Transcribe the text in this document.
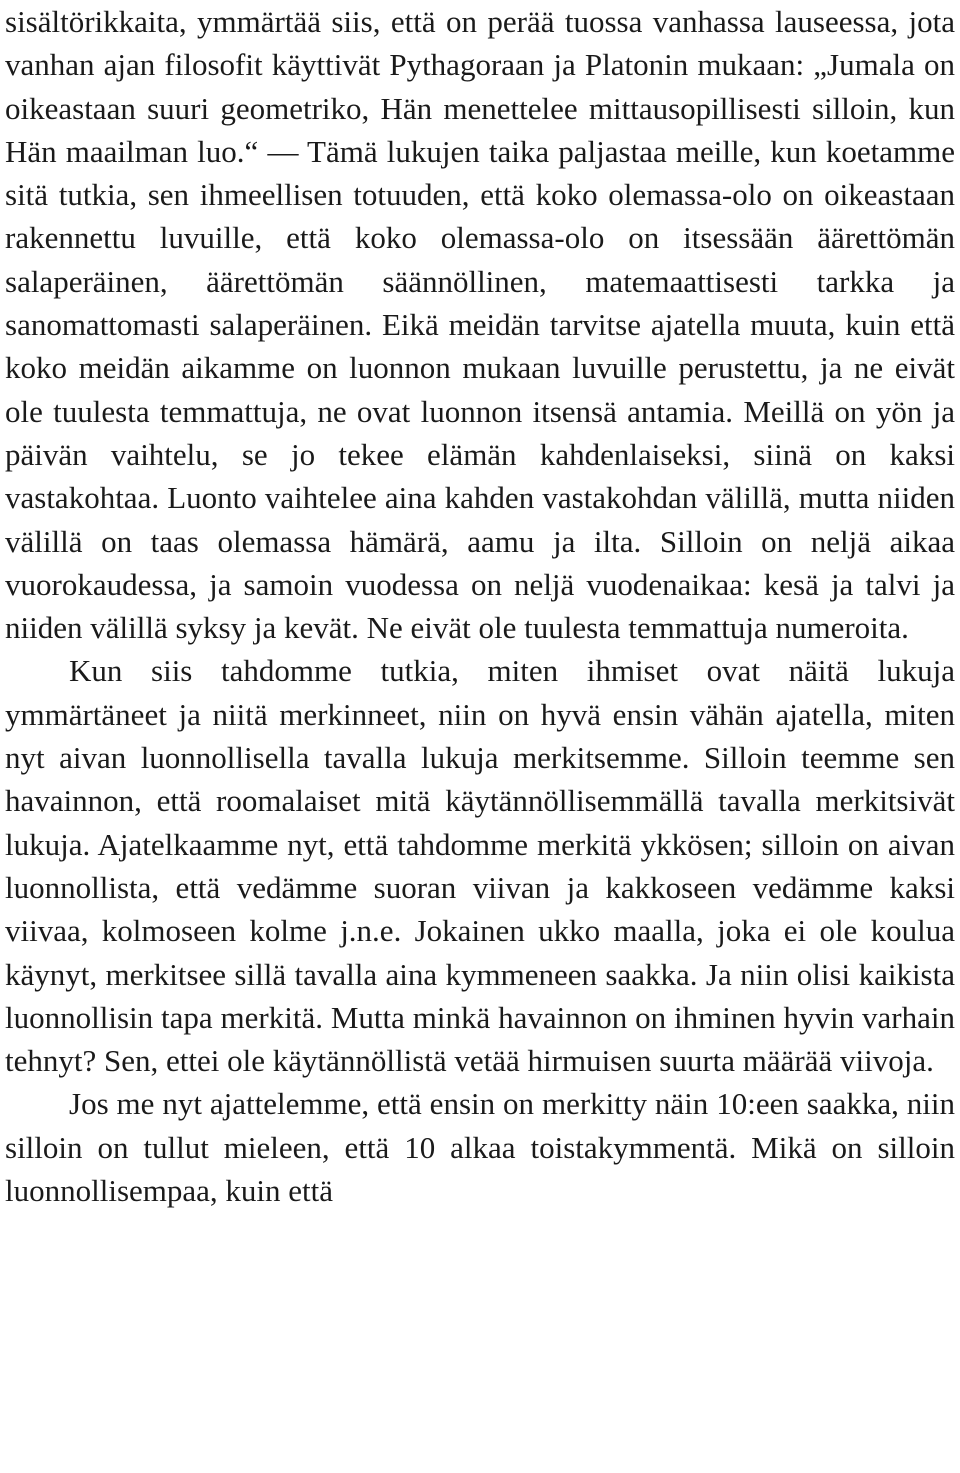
sisältörikkaita, ymmärtää siis, että on perää tuossa vanhassa lauseessa, jota vanhan ajan filosofit käyttivät Pythagoraan ja Platonin mukaan: „Jumala on oikeastaan suuri geometriko, Hän menettelee mittausopillisesti silloin, kun Hän maailman luo.“ — Tämä lukujen taika paljastaa meille, kun koetamme sitä tutkia, sen ihmeellisen totuuden, että koko olemassa-olo on oikeastaan rakennettu luvuille, että koko olemassa-olo on itsessään äärettömän salaperäinen, äärettömän säännöllinen, matemaattisesti tarkka ja sanomattomasti salaperäinen. Eikä meidän tarvitse ajatella muuta, kuin että koko meidän aikamme on luonnon mukaan luvuille perustettu, ja ne eivät ole tuulesta temmattuja, ne ovat luonnon itsensä antamia. Meillä on yön ja päivän vaihtelu, se jo tekee elämän kahdenlaiseksi, siinä on kaksi vastakohtaa. Luonto vaihtelee aina kahden vastakohdan välillä, mutta niiden välillä on taas olemassa hämärä, aamu ja ilta. Silloin on neljä aikaa vuorokaudessa, ja samoin vuodessa on neljä vuodenaikaa: kesä ja talvi ja niiden välillä syksy ja kevät. Ne eivät ole tuulesta temmattuja numeroita.

Kun siis tahdomme tutkia, miten ihmiset ovat näitä lukuja ymmärtäneet ja niitä merkinneet, niin on hyvä ensin vähän ajatella, miten nyt aivan luonnollisella tavalla lukuja merkitsemme. Silloin teemme sen havainnon, että roomalaiset mitä käytännöllisemmällä tavalla merkitsivät lukuja. Ajatelkaamme nyt, että tahdomme merkitä ykkösen; silloin on aivan luonnollista, että vedämme suoran viivan ja kakkoseen vedämme kaksi viivaa, kolmoseen kolme j.n.e. Jokainen ukko maalla, joka ei ole koulua käynyt, merkitsee sillä tavalla aina kymmeneen saakka. Ja niin olisi kaikista luonnollisin tapa merkitä. Mutta minkä havainnon on ihminen hyvin varhain tehnyt? Sen, ettei ole käytännöllistä vetää hirmuisen suurta määrää viivoja.

Jos me nyt ajattelemme, että ensin on merkitty näin 10:een saakka, niin silloin on tullut mieleen, että 10 alkaa toistakymmentä. Mikä on silloin luonnollisempaa, kuin että
